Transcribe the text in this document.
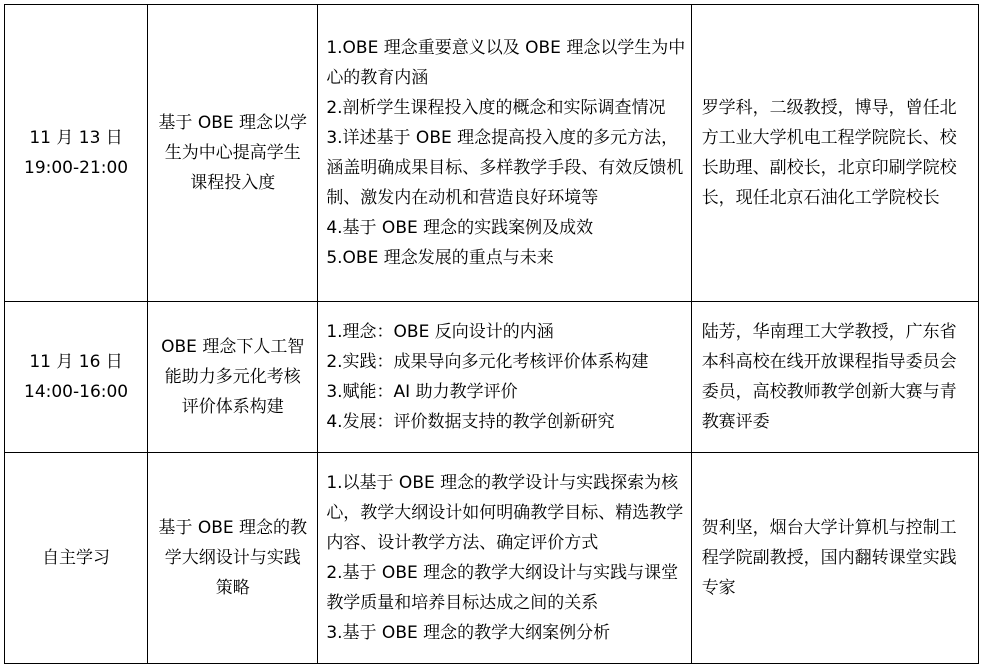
11 月 13 日
19:00-21:00	基于 OBE 理念以学生为中心提高学生课程投入度	1.OBE 理念重要意义以及 OBE 理念以学生为中心的教育内涵
2.剖析学生课程投入度的概念和实际调查情况
3.详述基于 OBE 理念提高投入度的多元方法，涵盖明确成果目标、多样教学手段、有效反馈机制、激发内在动机和营造良好环境等
4.基于 OBE 理念的实践案例及成效
5.OBE 理念发展的重点与未来	罗学科，二级教授，博导，曾任北方工业大学机电工程学院院长、校长助理、副校长，北京印刷学院校长，现任北京石油化工学院校长

11 月 16 日
14:00-16:00	OBE 理念下人工智能助力多元化考核评价体系构建	1.理念：OBE 反向设计的内涵
2.实践：成果导向多元化考核评价体系构建
3.赋能：AI 助力教学评价
4.发展：评价数据支持的教学创新研究	陆芳，华南理工大学教授，广东省本科高校在线开放课程指导委员会委员，高校教师教学创新大赛与青教赛评委

自主学习	基于 OBE 理念的教学大纲设计与实践策略	1.以基于 OBE 理念的教学设计与实践探索为核心，教学大纲设计如何明确教学目标、精选教学内容、设计教学方法、确定评价方式
2.基于 OBE 理念的教学大纲设计与实践与课堂教学质量和培养目标达成之间的关系
3.基于 OBE 理念的教学大纲案例分析	贺利坚，烟台大学计算机与控制工程学院副教授，国内翻转课堂实践专家
